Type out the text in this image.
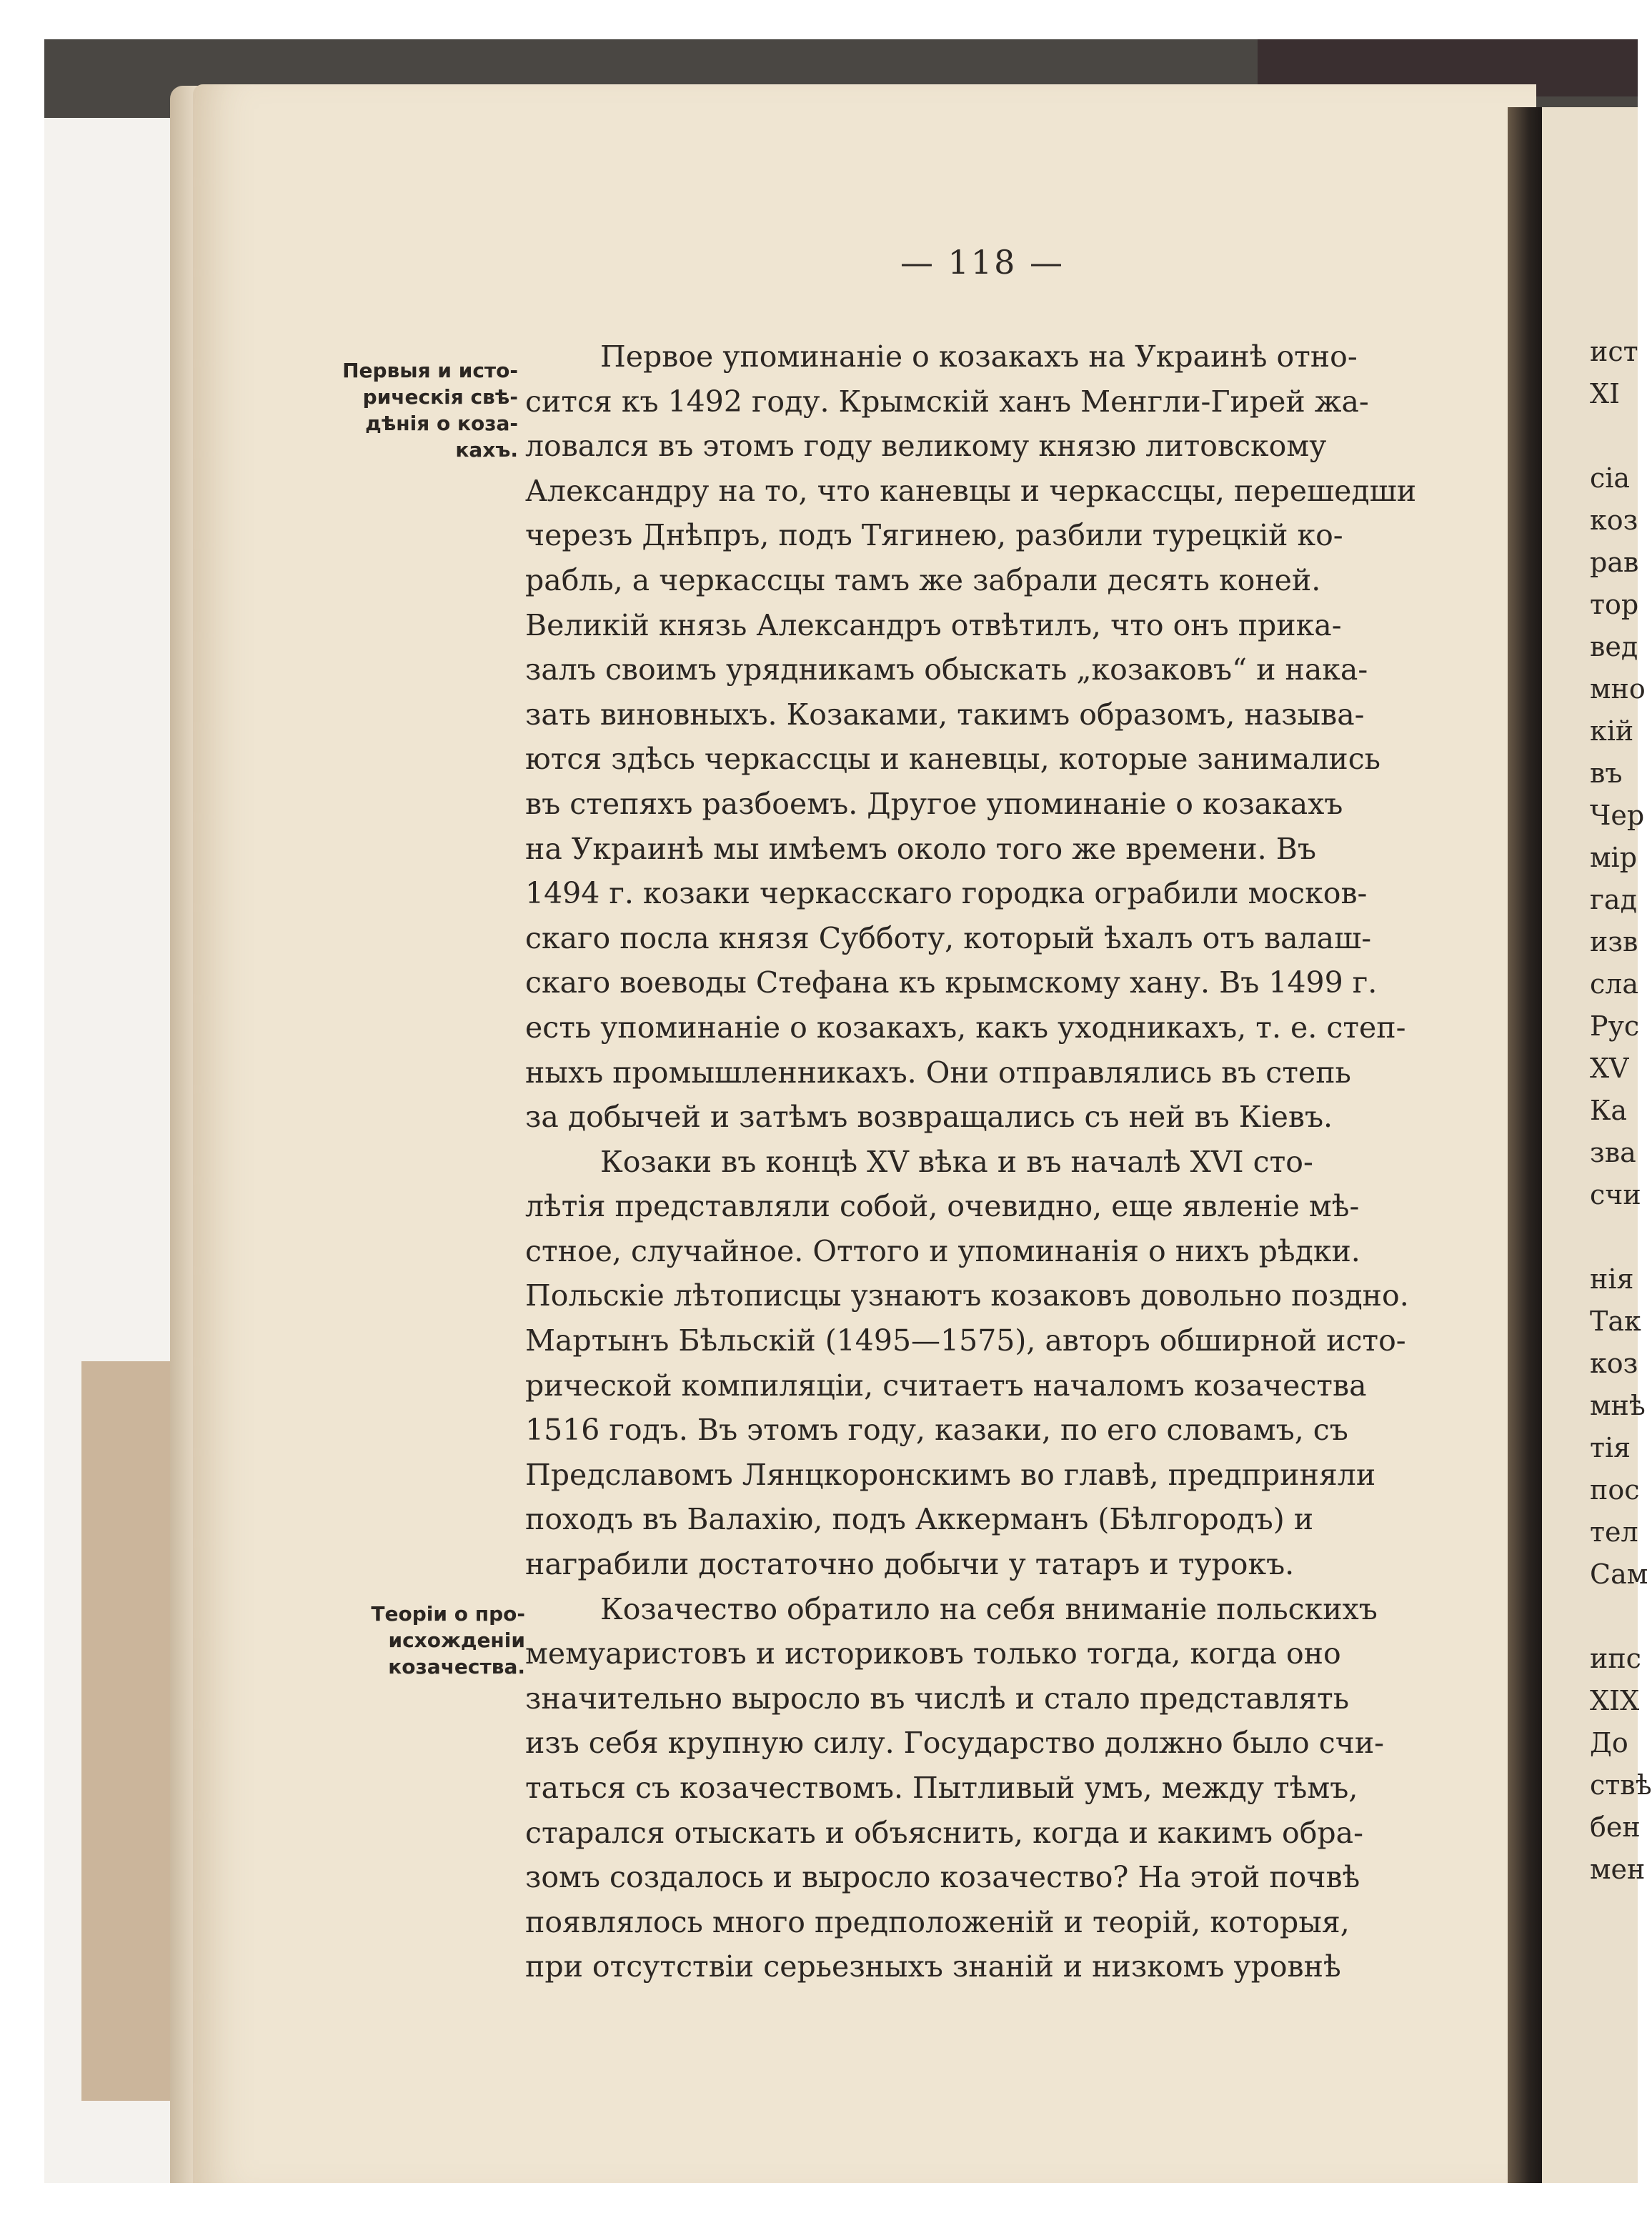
— 118 —
Первыя и исто-рическія свѣ-дѣнія о коза-кахъ.
Теоріи о про-исхожденіи козачества.
Первое упоминаніе о козакахъ на Украинѣ отно-
сится къ 1492 году. Крымскій ханъ Менгли-Гирей жа-
ловался въ этомъ году великому князю литовскому
Александру на то, что каневцы и черкассцы, перешедши
черезъ Днѣпръ, подъ Тягинею, разбили турецкій ко-
рабль, а черкассцы тамъ же забрали десять коней.
Великій князь Александръ отвѣтилъ, что онъ прика-
залъ своимъ урядникамъ обыскать „козаковъ“ и нака-
зать виновныхъ. Козаками, такимъ образомъ, называ-
ются здѣсь черкассцы и каневцы, которые занимались
въ степяхъ разбоемъ. Другое упоминаніе о козакахъ
на Украинѣ мы имѣемъ около того же времени. Въ
1494 г. козаки черкасскаго городка ограбили москов-
скаго посла князя Субботу, который ѣхалъ отъ валаш-
скаго воеводы Стефана къ крымскому хану. Въ 1499 г.
есть упоминаніе о козакахъ, какъ уходникахъ, т. е. степ-
ныхъ промышленникахъ. Они отправлялись въ степь
за добычей и затѣмъ возвращались съ ней въ Кіевъ.
Козаки въ концѣ XV вѣка и въ началѣ XVI сто-
лѣтія представляли собой, очевидно, еще явленіе мѣ-
стное, случайное. Оттого и упоминанія о нихъ рѣдки.
Польскіе лѣтописцы узнаютъ козаковъ довольно поздно.
Мартынъ Бѣльскій (1495—1575), авторъ обширной исто-
рической компиляціи, считаетъ началомъ козачества
1516 годъ. Въ этомъ году, казаки, по его словамъ, съ
Предславомъ Лянцкоронскимъ во главѣ, предприняли
походъ въ Валахію, подъ Аккерманъ (Бѣлгородъ) и
награбили достаточно добычи у татаръ и турокъ.
Козачество обратило на себя вниманіе польскихъ
мемуаристовъ и историковъ только тогда, когда оно
значительно выросло въ числѣ и стало представлять
изъ себя крупную силу. Государство должно было счи-
таться съ козачествомъ. Пытливый умъ, между тѣмъ,
старался отыскать и объяснить, когда и какимъ обра-
зомъ создалось и выросло козачество? На этой почвѣ
появлялось много предположеній и теорій, которыя,
при отсутствіи серьезныхъ знаній и низкомъ уровнѣ
ист
XI
сіа
коз
рав
тор
вед
мно
кій
въ
Чер
мір
гад
изв
сла
Рус
XV
Ка
зва
счи
нія
Так
коз
мнѣ
тія
пос
тел
Сам
ипс
XIX
До
ствѣ
бен
мен
